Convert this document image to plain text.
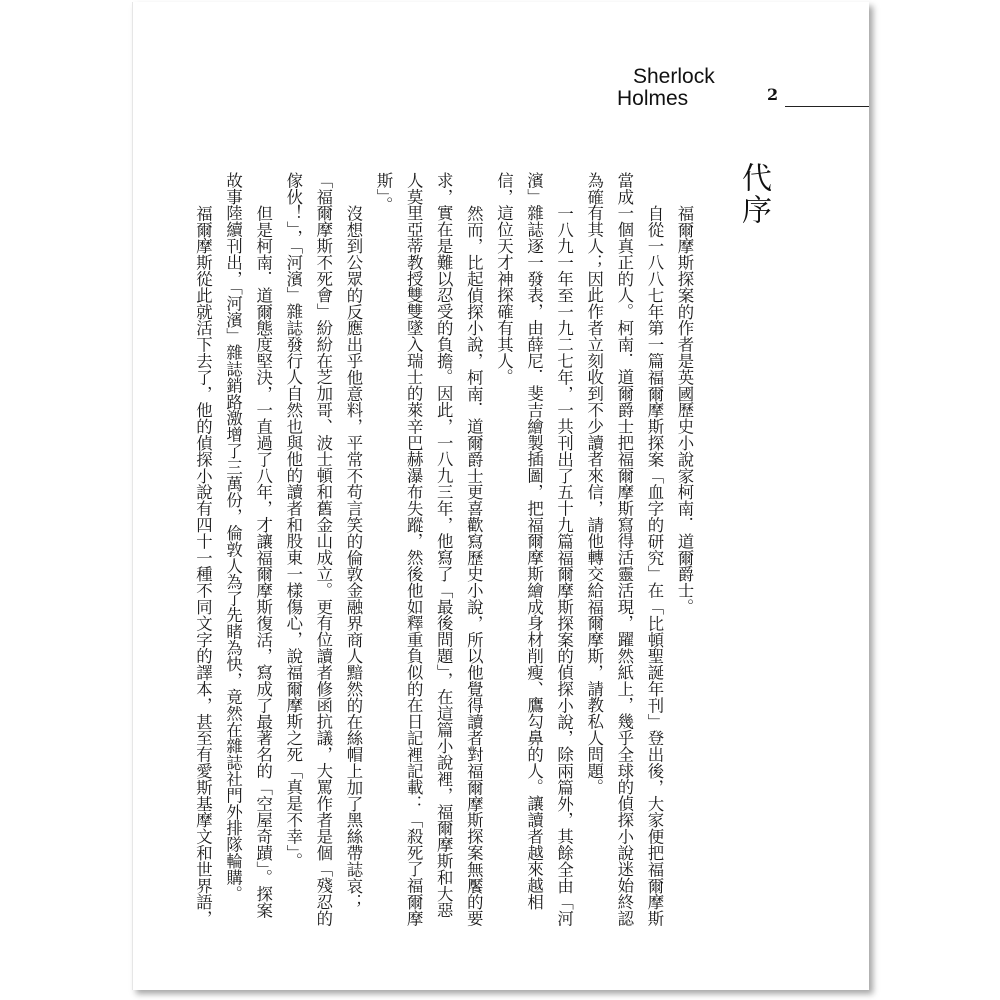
Sherlock
Holmes	2
代序

福爾摩斯探案的作者是英國歷史小說家柯南．道爾爵士。

自從一八八七年第一篇福爾摩斯探案「血字的研究」在「比頓聖誕年刊」登出後，大家便把福爾摩斯當成一個真正的人。柯南．道爾爵士把福爾摩斯寫得活靈活現，躍然紙上，幾乎全球的偵探小說迷始終認為確有其人；因此作者立刻收到不少讀者來信，請他轉交給福爾摩斯，請教私人問題。

一八九一年至一九二七年，一共刊出了五十九篇福爾摩斯探案的偵探小說，除兩篇外，其餘全由「河濱」雜誌逐一發表，由薛尼．斐吉繪製插圖，把福爾摩斯繪成身材削瘦、鷹勾鼻的人。讓讀者越來越相信，這位天才神探確有其人。

然而，比起偵探小說，柯南．道爾爵士更喜歡寫歷史小說，所以他覺得讀者對福爾摩斯探案無饜的要求，實在是難以忍受的負擔。因此，一八九三年，他寫了「最後問題」，在這篇小說裡，福爾摩斯和大惡人莫里亞蒂教授雙雙墜入瑞士的萊辛巴赫瀑布失蹤，然後他如釋重負似的在日記裡記載：「殺死了福爾摩斯」。

沒想到公眾的反應出乎他意料，平常不苟言笑的倫敦金融界商人黯然的在絲帽上加了黑絲帶誌哀；「福爾摩斯不死會」紛紛在芝加哥、波士頓和舊金山成立。更有位讀者修函抗議，大罵作者是個「殘忍的傢伙！」，「河濱」雜誌發行人自然也與他的讀者和股東一樣傷心，說福爾摩斯之死「真是不幸」。

但是柯南．道爾態度堅決，一直過了八年，才讓福爾摩斯復活，寫成了最著名的「空屋奇蹟」。探案故事陸續刊出，「河濱」雜誌銷路激增了三萬份，倫敦人為了先睹為快，竟然在雜誌社門外排隊輪購。

福爾摩斯從此就活下去了，他的偵探小說有四十一種不同文字的譯本，甚至有愛斯基摩文和世界語，
